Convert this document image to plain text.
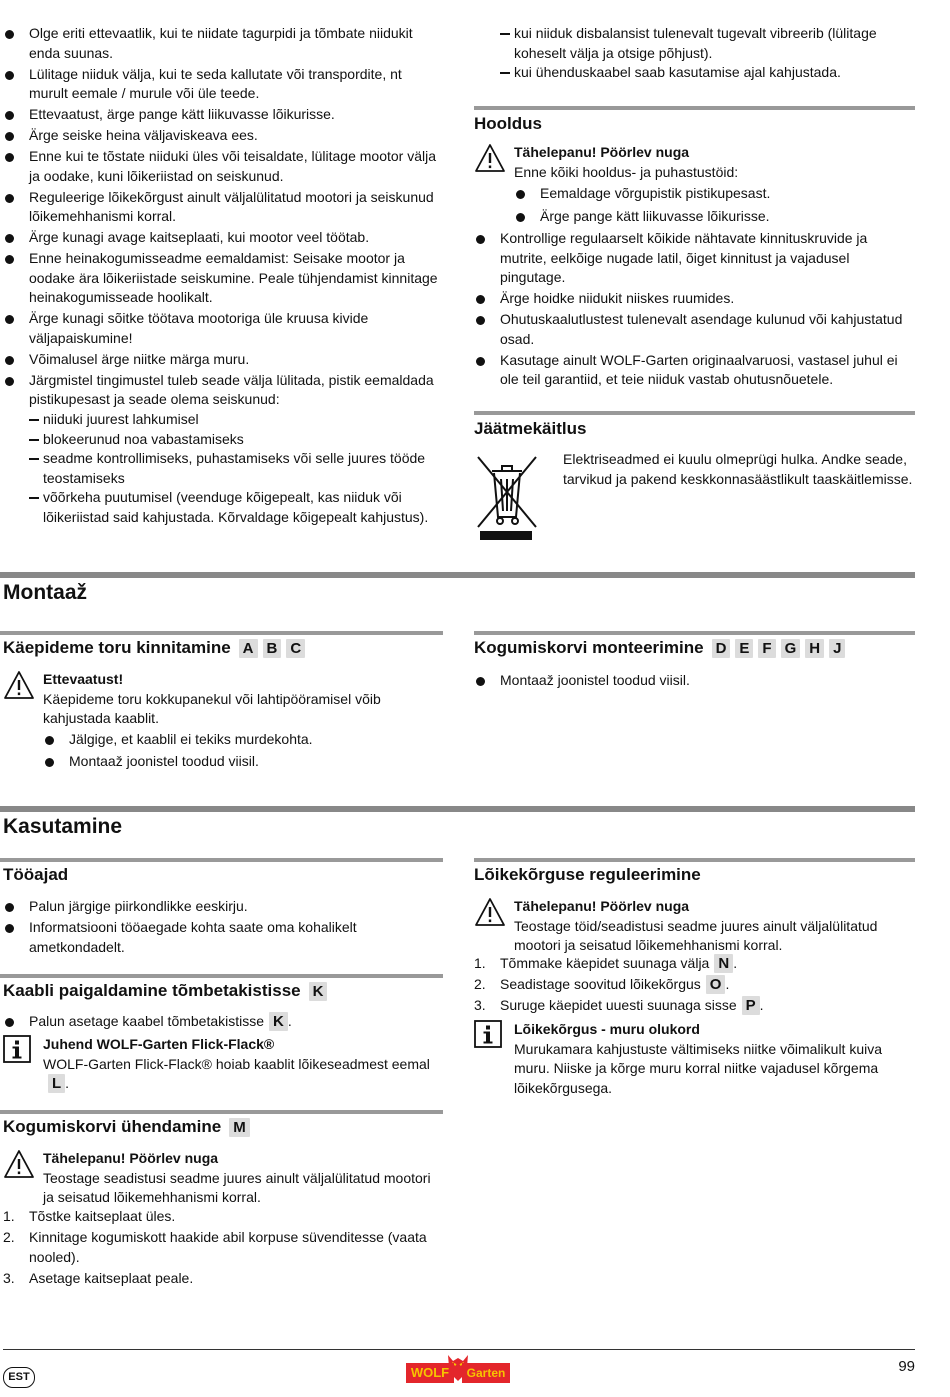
Olge eriti ettevaatlik, kui te niidate tagurpidi ja tõmbate niidukit enda suunas.
Lülitage niiduk välja, kui te seda kallutate või transpordite, nt murult eemale / murule või üle teede.
Ettevaatust, ärge pange kätt liikuvasse lõikurisse.
Ärge seiske heina väljaviskeava ees.
Enne kui te tõstate niiduki üles või teisaldate, lülitage mootor välja ja oodake, kuni lõikeriistad on seiskunud.
Reguleerige lõikekõrgust ainult väljalülitatud mootori ja seiskunud lõikemehhanismi korral.
Ärge kunagi avage kaitseplaati, kui mootor veel töötab.
Enne heinakogumisseadme eemaldamist: Seisake mootor ja oodake ära lõikeriistade seiskumine. Peale tühjendamist kinnitage heinakogumisseade hoolikalt.
Ärge kunagi sõitke töötava mootoriga üle kruusa kivide väljapaiskumine!
Võimalusel ärge niitke märga muru.
Järgmistel tingimustel tuleb seade välja lülitada, pistik eemaldada pistikupesast ja seade olema seiskunud:
niiduki juurest lahkumisel
blokeerunud noa vabastamiseks
seadme kontrollimiseks, puhastamiseks või selle juures tööde teostamiseks
võõrkeha puutumisel (veenduge kõigepealt, kas niiduk või lõikeriistad said kahjustada. Kõrvaldage kõigepealt kahjustus).
kui niiduk disbalansist tulenevalt tugevalt vibreerib (lülitage koheselt välja ja otsige põhjust).
kui ühenduskaabel saab kasutamise ajal kahjustada.
Hooldus
Tähelepanu! Pöörlev nuga
Enne kõiki hooldus- ja puhastustöid:
Eemaldage võrgupistik pistikupesast.
Ärge pange kätt liikuvasse lõikurisse.
Kontrollige regulaarselt kõikide nähtavate kinnituskruvide ja mutrite, eelkõige nugade latil, õiget kinnitust ja vajadusel pingutage.
Ärge hoidke niidukit niiskes ruumides.
Ohutuskaalutlustest tulenevalt asendage kulunud või kahjustatud osad.
Kasutage ainult WOLF-Garten originaalvaruosi, vastasel juhul ei ole teil garantiid, et teie niiduk vastab ohutusnõuetele.
Jäätmekäitlus
Elektriseadmed ei kuulu olmeprügi hulka. Andke seade, tarvikud ja pakend keskkonnasäästlikult taaskäitlemisse.
Montaaž
Käepideme toru kinnitamine A B C
Ettevaatust!
Käepideme toru kokkupanekul või lahtipööramisel võib kahjustada kaablit.
Jälgige, et kaablil ei tekiks murdekohta.
Montaaž joonistel toodud viisil.
Kogumiskorvi monteerimine D E F G H J
Montaaž joonistel toodud viisil.
Kasutamine
Tööajad
Palun järgige piirkondlikke eeskirju.
Informatsiooni tööaegade kohta saate oma kohalikelt ametkondadelt.
Kaabli paigaldamine tõmbetakistisse K
Palun asetage kaabel tõmbetakistisse K .
Juhend WOLF-Garten Flick-Flack®
WOLF-Garten Flick-Flack® hoiab kaablit lõikeseadmest eemalL .
Kogumiskorvi ühendamine M
Tähelepanu! Pöörlev nuga
Teostage seadistusi seadme juures ainult väljalülitatud mootori ja seisatud lõikemehhanismi korral.
1. Tõstke kaitseplaat üles.
2. Kinnitage kogumiskott haakide abil korpuse süvenditesse (vaata nooled).
3. Asetage kaitseplaat peale.
Lõikekõrguse reguleerimine
Tähelepanu! Pöörlev nuga
Teostage töid/seadistusi seadme juures ainult väljalülitatud mootori ja seisatud lõikemehhanismi korral.
1. Tõmmake käepidet suunaga välja N .
2. Seadistage soovitud lõikekõrgus O .
3. Suruge käepidet uuesti suunaga sisse P .
Lõikekõrgus - muru olukord
Murukamara kahjustuste vältimiseks niitke võimalikult kuiva muru. Niiske ja kõrge muru korral niitke vajadusel kõrgema lõikekõrgusega.
EST	WOLF	Garten	99
